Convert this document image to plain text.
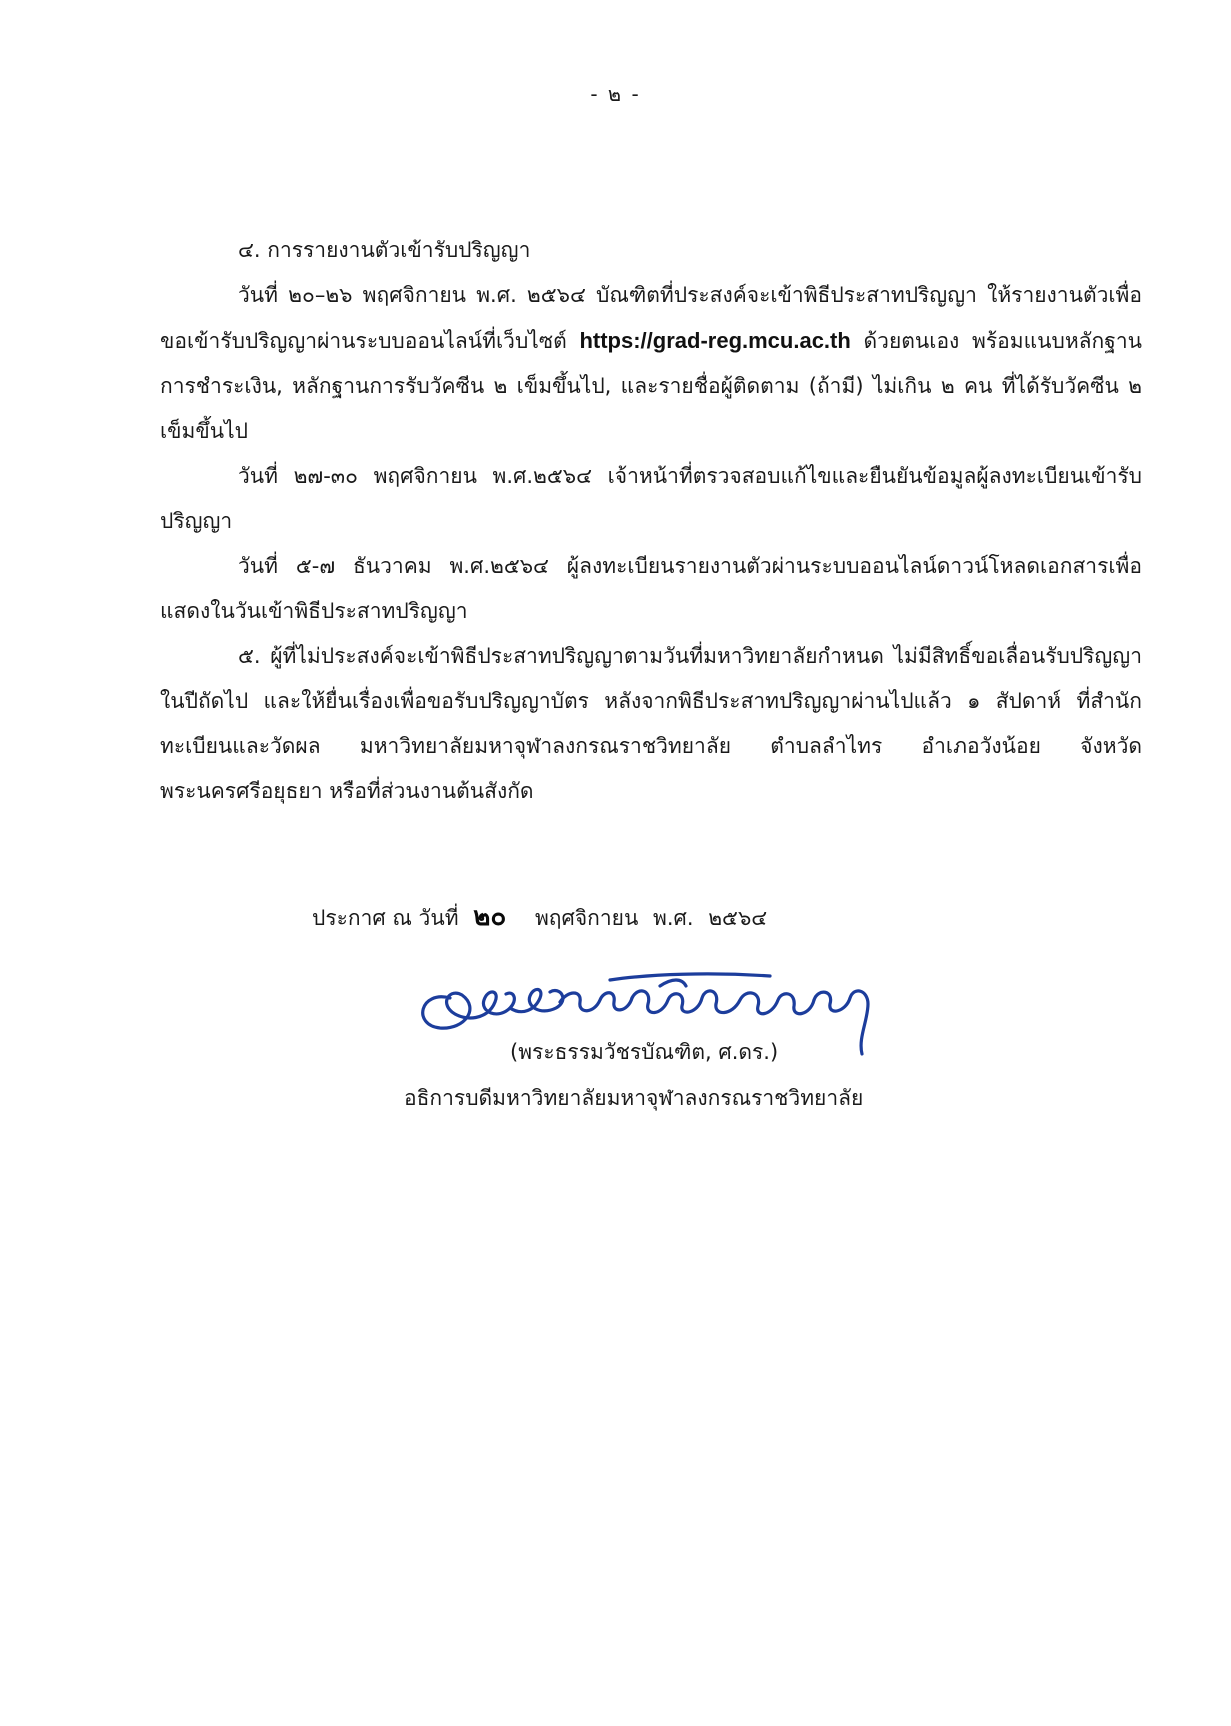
- ๒ -

๔. การรายงานตัวเข้ารับปริญญา

วันที่ ๒๐–๒๖ พฤศจิกายน พ.ศ. ๒๕๖๔ บัณฑิตที่ประสงค์จะเข้าพิธีประสาทปริญญา ให้รายงานตัวเพื่อขอเข้ารับปริญญาผ่านระบบออนไลน์ที่เว็บไซต์ https://grad-reg.mcu.ac.th ด้วยตนเอง พร้อมแนบหลักฐานการชำระเงิน, หลักฐานการรับวัคซีน ๒ เข็มขึ้นไป, และรายชื่อผู้ติดตาม (ถ้ามี) ไม่เกิน ๒ คน ที่ได้รับวัคซีน ๒ เข็มขึ้นไป

วันที่ ๒๗-๓๐ พฤศจิกายน พ.ศ.๒๕๖๔ เจ้าหน้าที่ตรวจสอบแก้ไขและยืนยันข้อมูลผู้ลงทะเบียนเข้ารับปริญญา

วันที่ ๕-๗ ธันวาคม พ.ศ.๒๕๖๔ ผู้ลงทะเบียนรายงานตัวผ่านระบบออนไลน์ดาวน์โหลดเอกสารเพื่อแสดงในวันเข้าพิธีประสาทปริญญา

๕. ผู้ที่ไม่ประสงค์จะเข้าพิธีประสาทปริญญาตามวันที่มหาวิทยาลัยกำหนด ไม่มีสิทธิ์ขอเลื่อนรับปริญญาในปีถัดไป และให้ยื่นเรื่องเพื่อขอรับปริญญาบัตร หลังจากพิธีประสาทปริญญาผ่านไปแล้ว ๑ สัปดาห์ ที่สำนักทะเบียนและวัดผล มหาวิทยาลัยมหาจุฬาลงกรณราชวิทยาลัย ตำบลลำไทร อำเภอวังน้อย จังหวัดพระนครศรีอยุธยา หรือที่ส่วนงานต้นสังกัด

ประกาศ ณ วันที่ ๒๐ พฤศจิกายน พ.ศ. ๒๕๖๔
(พระธรรมวัชรบัณฑิต, ศ.ดร.)
อธิการบดีมหาวิทยาลัยมหาจุฬาลงกรณราชวิทยาลัย
